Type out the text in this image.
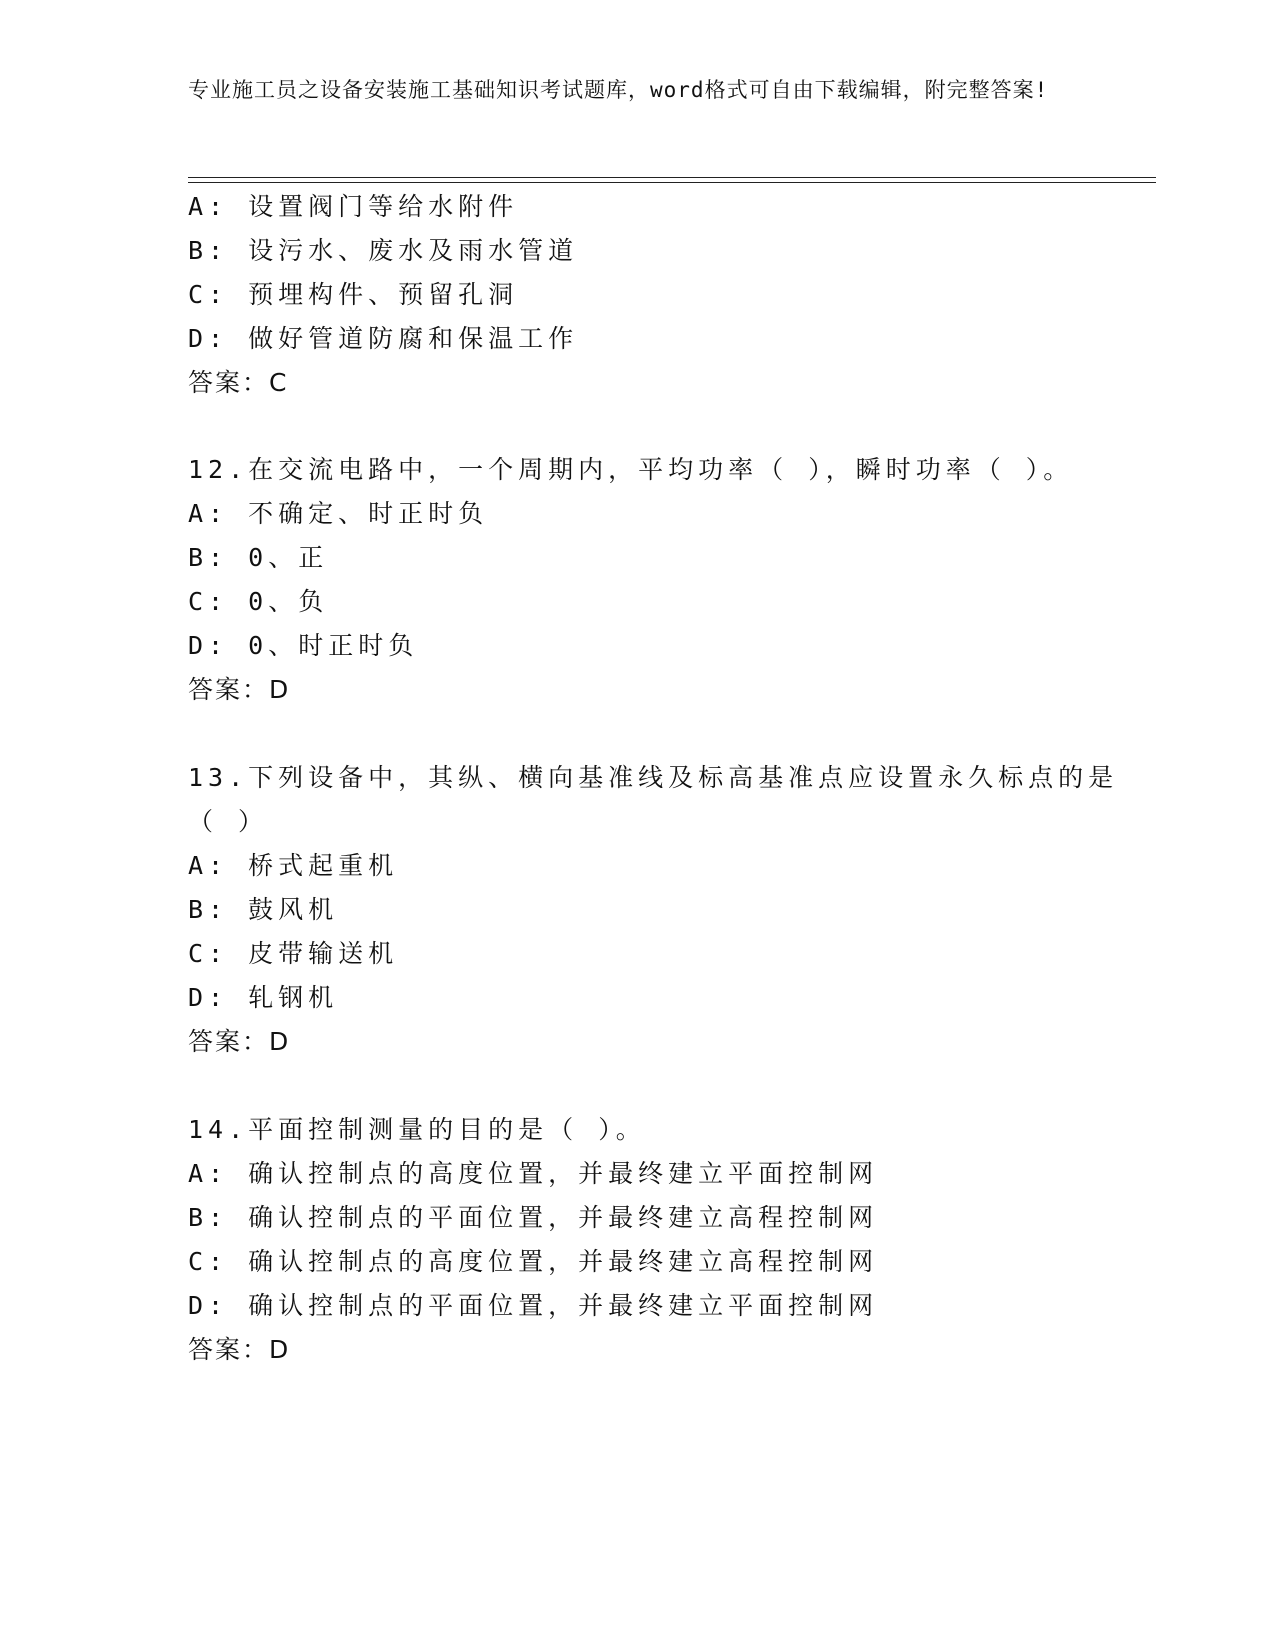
专业施工员之设备安装施工基础知识考试题库，word格式可自由下载编辑，附完整答案!
A: 设置阀门等给水附件
B: 设污水、废水及雨水管道
C: 预埋构件、预留孔洞
D: 做好管道防腐和保温工作
答案：C
12.在交流电路中，一个周期内，平均功率（ ），瞬时功率（ ）。
A: 不确定、时正时负
B: 0、正
C: 0、负
D: 0、时正时负
答案：D
13.下列设备中，其纵、横向基准线及标高基准点应设置永久标点的是
（ ）
A: 桥式起重机
B: 鼓风机
C: 皮带输送机
D: 轧钢机
答案：D
14.平面控制测量的目的是（ ）。
A: 确认控制点的高度位置，并最终建立平面控制网
B: 确认控制点的平面位置，并最终建立高程控制网
C: 确认控制点的高度位置，并最终建立高程控制网
D: 确认控制点的平面位置，并最终建立平面控制网
答案：D
